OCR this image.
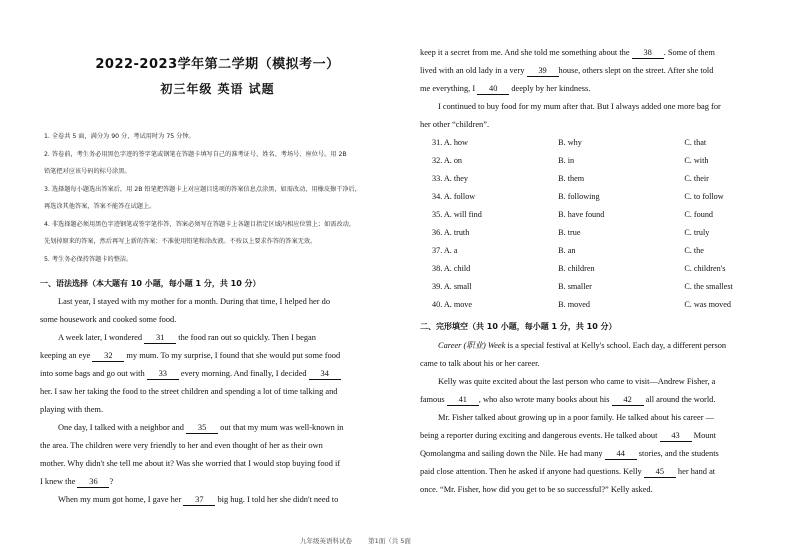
2022-2023学年第二学期（模拟考一）
初三年级 英语 试题
1. 全卷共 5 面，满分为 90 分，考试用时为 75 分钟。
2. 答卷前，考生务必用黑色字迹的签字笔或钢笔在答题卡填写自己的准考证号、姓名、考场号、座位号。用 2B
铅笔把对应该号码的标号涂黑。
3. 选择题每小题选出答案后，用 2B 铅笔把答题卡上对应题目选项的答案信息点涂黑，如需改动，用橡皮擦干净后，
再选涂其他答案，答案不能答在试题上。
4. 非选择题必须用黑色字迹钢笔或签字笔作答，答案必须写在答题卡上各题目指定区域内相应位置上；如需改动，
先划掉原来的答案，然后再写上新的答案；不准使用铅笔和涂改液。不按以上要求作答的答案无效。
5. 考生务必保持答题卡的整洁。
一、语法选择（本大题有 10 小题，每小题 1 分，共 10 分）
Last year, I stayed with my mother for a month. During that time, I helped her do
some housework and cooked some food.
A week later, I wondered 31 the food ran out so quickly. Then I began
keeping an eye 32 my mum. To my surprise, I found that she would put some food
into some bags and go out with 33 every morning. And finally, I decided 34
her. I saw her taking the food to the street children and spending a lot of time talking and
playing with them.
One day, I talked with a neighbor and 35 out that my mum was well-known in
the area. The children were very friendly to her and even thought of her as their own
mother. Why didn't she tell me about it? Was she worried that I would stop buying food if
I knew the 36 ?
When my mum got home, I gave her 37 big hug. I told her she didn't need to
keep it a secret from me. And she told me something about the 38 . Some of them
lived with an old lady in a very 39 house, others slept on the street. After she told
me everything, I 40 deeply by her kindness.
I continued to buy food for my mum after that. But I always added one more bag for
her other “children”.
31. A. how	B. why	C. that
32. A. on	B. in	C. with
33. A. they	B. them	C. their
34. A. follow	B. following	C. to follow
35. A. will find	B. have found	C. found
36. A. truth	B. true	C. truly
37. A. a	B. an	C. the
38. A. child	B. children	C. children's
39. A. small	B. smaller	C. the smallest
40. A. move	B. moved	C. was moved
二、完形填空（共 10 小题，每小题 1 分，共 10 分）
Career (职业) Week is a special festival at Kelly's school. Each day, a different person
came to talk about his or her career.
Kelly was quite excited about the last person who came to visit—Andrew Fisher, a
famous 41 , who also wrote many books about his 42 all around the world.
Mr. Fisher talked about growing up in a poor family. He talked about his career —
being a reporter during exciting and dangerous events. He talked about 43 Mount
Qomolangma and sailing down the Nile. He had many 44 stories, and the students
paid close attention. Then he asked if anyone had questions. Kelly 45 her hand at
once. “Mr. Fisher, how did you get to be so successful?” Kelly asked.
九年级英语科试卷 第1面（共 5面
